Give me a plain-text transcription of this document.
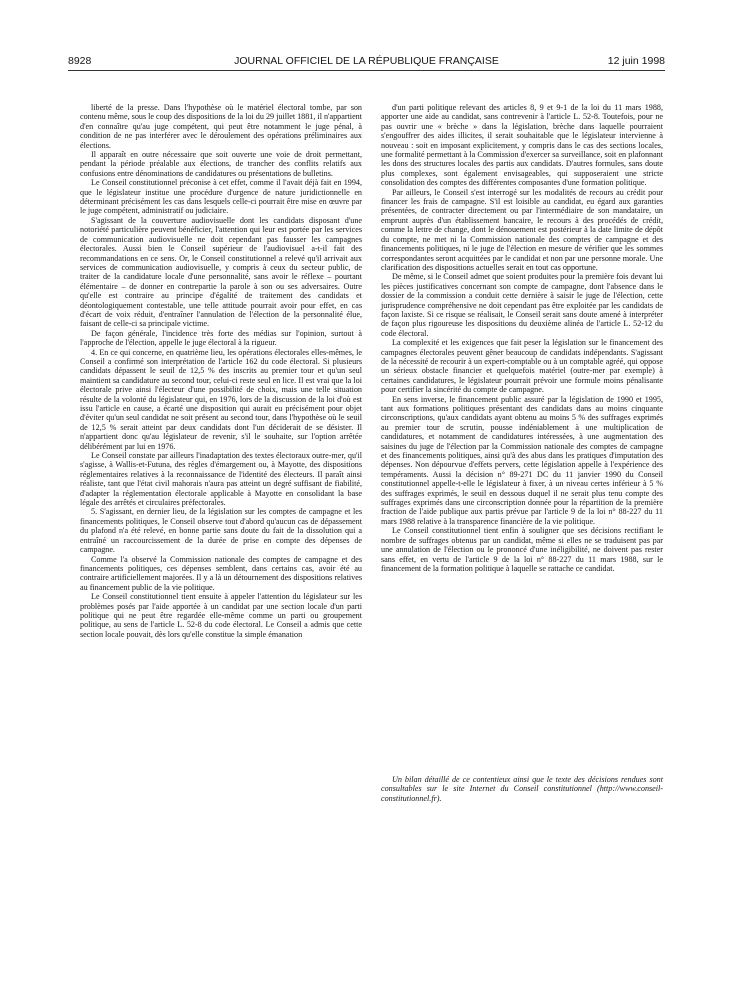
8928	JOURNAL OFFICIEL DE LA RÉPUBLIQUE FRANÇAISE	12 juin 1998

liberté de la presse. Dans l'hypothèse où le matériel électoral tombe, par son contenu même, sous le coup des dispositions de la loi du 29 juillet 1881, il n'appartient d'en connaître qu'au juge compétent, qui peut être notamment le juge pénal, à condition de ne pas interférer avec le déroulement des opérations préliminaires aux élections.

Il apparaît en outre nécessaire que soit ouverte une voie de droit permettant, pendant la période préalable aux élections, de trancher des conflits relatifs aux confusions entre dénominations de candidatures ou présentations de bulletins.

Le Conseil constitutionnel préconise à cet effet, comme il l'avait déjà fait en 1994, que le législateur institue une procédure d'urgence de nature juridictionnelle en déterminant précisément les cas dans lesquels celle-ci pourrait être mise en œuvre par le juge compétent, administratif ou judiciaire.

S'agissant de la couverture audiovisuelle dont les candidats disposant d'une notoriété particulière peuvent bénéficier, l'attention qui leur est portée par les services de communication audiovisuelle ne doit cependant pas fausser les campagnes électorales. Aussi bien le Conseil supérieur de l'audiovisuel a-t-il fait des recommandations en ce sens. Or, le Conseil constitutionnel a relevé qu'il arrivait aux services de communication audiovisuelle, y compris à ceux du secteur public, de traiter de la candidature locale d'une personnalité, sans avoir le réflexe – pourtant élémentaire – de donner en contrepartie la parole à son ou ses adversaires. Outre qu'elle est contraire au principe d'égalité de traitement des candidats et déontologiquement contestable, une telle attitude pourrait avoir pour effet, en cas d'écart de voix réduit, d'entraîner l'annulation de l'élection de la personnalité élue, faisant de celle-ci sa principale victime.

De façon générale, l'incidence très forte des médias sur l'opinion, surtout à l'approche de l'élection, appelle le juge électoral à la rigueur.

4. En ce qui concerne, en quatrième lieu, les opérations électorales elles-mêmes, le Conseil a confirmé son interprétation de l'article 162 du code électoral. Si plusieurs candidats dépassent le seuil de 12,5 % des inscrits au premier tour et qu'un seul maintient sa candidature au second tour, celui-ci reste seul en lice. Il est vrai que la loi électorale prive ainsi l'électeur d'une possibilité de choix, mais une telle situation résulte de la volonté du législateur qui, en 1976, lors de la discussion de la loi d'où est issu l'article en cause, a écarté une disposition qui aurait eu précisément pour objet d'éviter qu'un seul candidat ne soit présent au second tour, dans l'hypothèse où le seuil de 12,5 % serait atteint par deux candidats dont l'un déciderait de se désister. Il n'appartient donc qu'au législateur de revenir, s'il le souhaite, sur l'option arrêtée délibérément par lui en 1976.

Le Conseil constate par ailleurs l'inadaptation des textes électoraux outre-mer, qu'il s'agisse, à Wallis-et-Futuna, des règles d'émargement ou, à Mayotte, des dispositions réglementaires relatives à la reconnaissance de l'identité des électeurs. Il paraît ainsi réaliste, tant que l'état civil mahorais n'aura pas atteint un degré suffisant de fiabilité, d'adapter la réglementation électorale applicable à Mayotte en consolidant la base légale des arrêtés et circulaires préfectorales.

5. S'agissant, en dernier lieu, de la législation sur les comptes de campagne et les financements politiques, le Conseil observe tout d'abord qu'aucun cas de dépassement du plafond n'a été relevé, en bonne partie sans doute du fait de la dissolution qui a entraîné un raccourcissement de la durée de prise en compte des dépenses de campagne.

Comme l'a observé la Commission nationale des comptes de campagne et des financements politiques, ces dépenses semblent, dans certains cas, avoir été au contraire artificiellement majorées. Il y a là un détournement des dispositions relatives au financement public de la vie politique.

Le Conseil constitutionnel tient ensuite à appeler l'attention du législateur sur les problèmes posés par l'aide apportée à un candidat par une section locale d'un parti politique qui ne peut être regardée elle-même comme un parti ou groupement politique, au sens de l'article L. 52-8 du code électoral. Le Conseil a admis que cette section locale pouvait, dès lors qu'elle constitue la simple émanation

d'un parti politique relevant des articles 8, 9 et 9-1 de la loi du 11 mars 1988, apporter une aide au candidat, sans contrevenir à l'article L. 52-8. Toutefois, pour ne pas ouvrir une « brèche » dans la législation, brèche dans laquelle pourraient s'engouffrer des aides illicites, il serait souhaitable que le législateur intervienne à nouveau : soit en imposant explicitement, y compris dans le cas des sections locales, une formalité permettant à la Commission d'exercer sa surveillance, soit en plafonnant les dons des structures locales des partis aux candidats. D'autres formules, sans doute plus complexes, sont également envisageables, qui supposeraient une stricte consolidation des comptes des différentes composantes d'une formation politique.

Par ailleurs, le Conseil s'est interrogé sur les modalités de recours au crédit pour financer les frais de campagne. S'il est loisible au candidat, eu égard aux garanties présentées, de contracter directement ou par l'intermédiaire de son mandataire, un emprunt auprès d'un établissement bancaire, le recours à des procédés de crédit, comme la lettre de change, dont le dénouement est postérieur à la date limite de dépôt du compte, ne met ni la Commission nationale des comptes de campagne et des financements politiques, ni le juge de l'élection en mesure de vérifier que les sommes correspondantes seront acquittées par le candidat et non par une personne morale. Une clarification des dispositions actuelles serait en tout cas opportune.

De même, si le Conseil admet que soient produites pour la première fois devant lui les pièces justificatives concernant son compte de campagne, dont l'absence dans le dossier de la commission a conduit cette dernière à saisir le juge de l'élection, cette jurisprudence compréhensive ne doit cependant pas être exploitée par les candidats de façon laxiste. Si ce risque se réalisait, le Conseil serait sans doute amené à interpréter de façon plus rigoureuse les dispositions du deuxième alinéa de l'article L. 52-12 du code électoral.

La complexité et les exigences que fait peser la législation sur le financement des campagnes électorales peuvent gêner beaucoup de candidats indépendants. S'agissant de la nécessité de recourir à un expert-comptable ou à un comptable agréé, qui oppose un sérieux obstacle financier et quelquefois matériel (outre-mer par exemple) à certaines candidatures, le législateur pourrait prévoir une formule moins pénalisante pour certifier la sincérité du compte de campagne.

En sens inverse, le financement public assuré par la législation de 1990 et 1995, tant aux formations politiques présentant des candidats dans au moins cinquante circonscriptions, qu'aux candidats ayant obtenu au moins 5 % des suffrages exprimés au premier tour de scrutin, pousse indéniablement à une multiplication de candidatures, et notamment de candidatures intéressées, à une augmentation des saisines du juge de l'élection par la Commission nationale des comptes de campagne et des financements politiques, ainsi qu'à des abus dans les pratiques d'imputation des dépenses. Non dépourvue d'effets pervers, cette législation appelle à l'expérience des tempéraments. Aussi la décision n° 89-271 DC du 11 janvier 1990 du Conseil constitutionnel appelle-t-elle le législateur à fixer, à un niveau certes inférieur à 5 % des suffrages exprimés, le seuil en dessous duquel il ne serait plus tenu compte des suffrages exprimés dans une circonscription donnée pour la répartition de la première fraction de l'aide publique aux partis prévue par l'article 9 de la loi n° 88-227 du 11 mars 1988 relative à la transparence financière de la vie politique.

Le Conseil constitutionnel tient enfin à souligner que ses décisions rectifiant le nombre de suffrages obtenus par un candidat, même si elles ne se traduisent pas par une annulation de l'élection ou le prononcé d'une inéligibilité, ne doivent pas rester sans effet, en vertu de l'article 9 de la loi n° 88-227 du 11 mars 1988, sur le financement de la formation politique à laquelle se rattache ce candidat.

Un bilan détaillé de ce contentieux ainsi que le texte des décisions rendues sont consultables sur le site Internet du Conseil constitutionnel (http://www.conseil-constitutionnel.fr).
